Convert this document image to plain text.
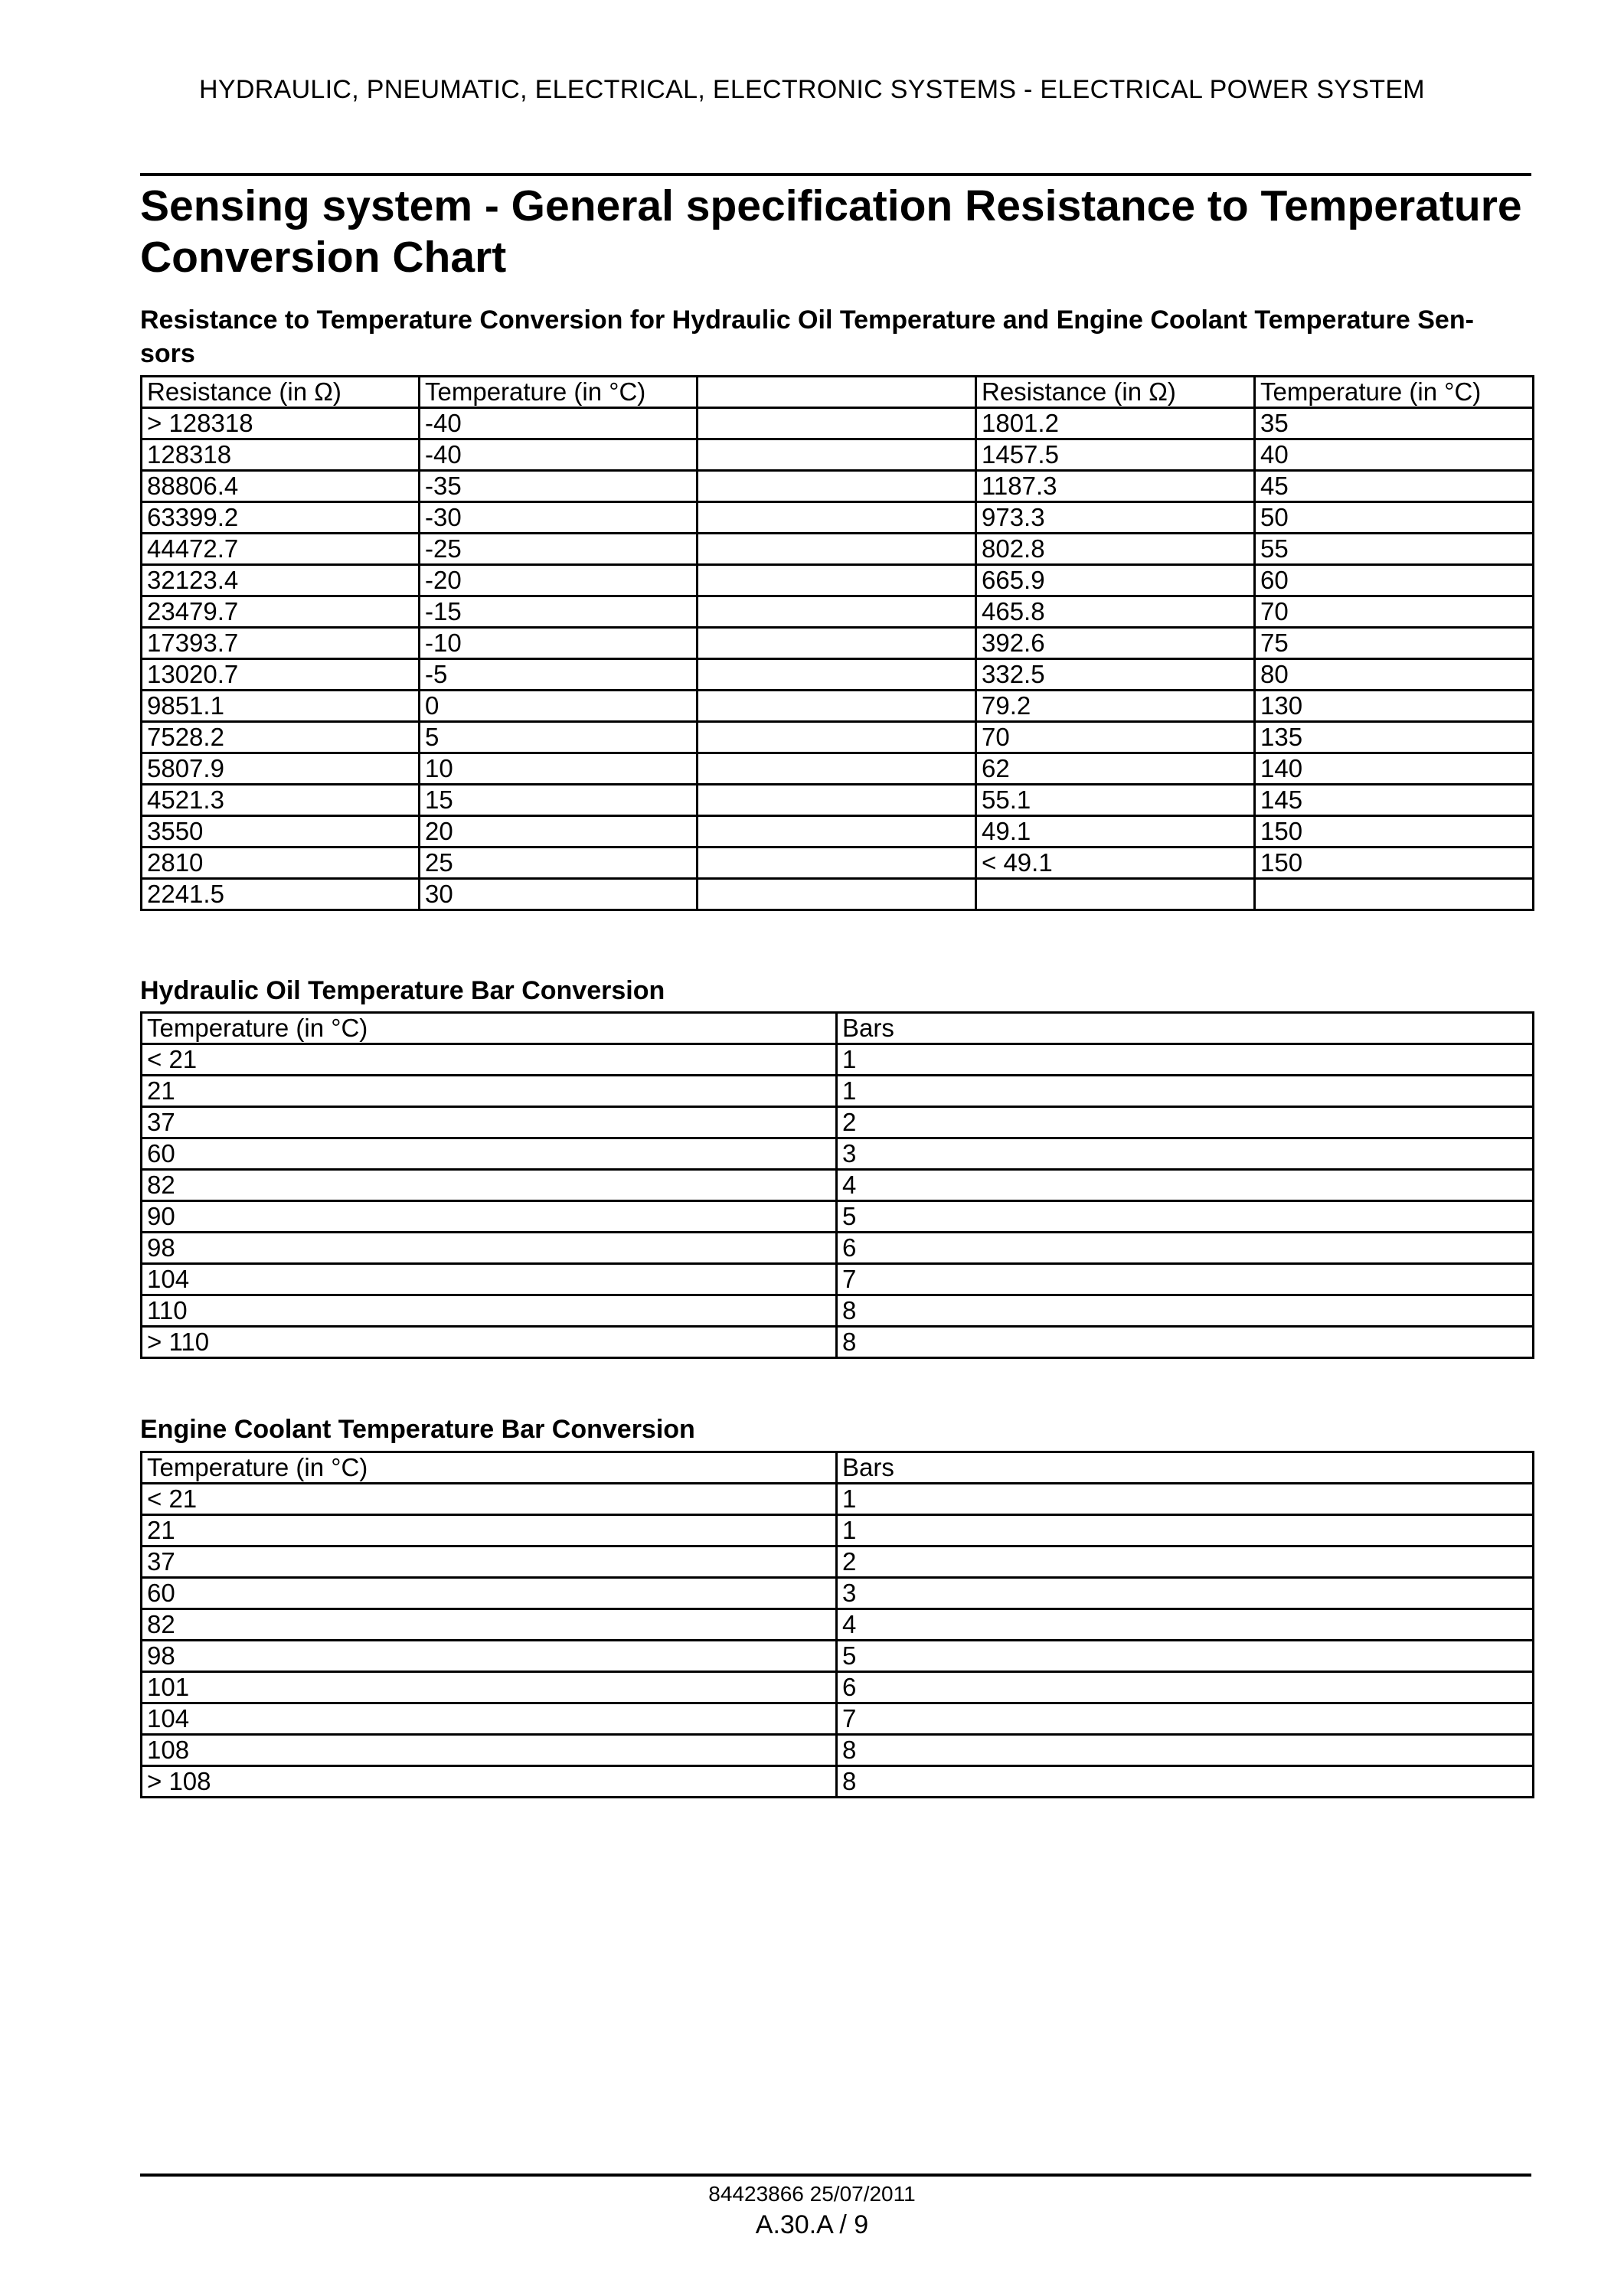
HYDRAULIC, PNEUMATIC, ELECTRICAL, ELECTRONIC SYSTEMS - ELECTRICAL POWER SYSTEM
Sensing system - General specification Resistance to Temperature
Conversion Chart
Resistance to Temperature Conversion for Hydraulic Oil Temperature and Engine Coolant Temperature Sen-
sors
Resistance (in Ω)	Temperature (in °C)		Resistance (in Ω)	Temperature (in °C)
> 128318	-40		1801.2	35
128318	-40		1457.5	40
88806.4	-35		1187.3	45
63399.2	-30		973.3	50
44472.7	-25		802.8	55
32123.4	-20		665.9	60
23479.7	-15		465.8	70
17393.7	-10		392.6	75
13020.7	-5		332.5	80
9851.1	0		79.2	130
7528.2	5		70	135
5807.9	10		62	140
4521.3	15		55.1	145
3550	20		49.1	150
2810	25		< 49.1	150
2241.5	30			
Hydraulic Oil Temperature Bar Conversion
Temperature (in °C)	Bars
< 21	1
21	1
37	2
60	3
82	4
90	5
98	6
104	7
110	8
> 110	8
Engine Coolant Temperature Bar Conversion
Temperature (in °C)	Bars
< 21	1
21	1
37	2
60	3
82	4
98	5
101	6
104	7
108	8
> 108	8
84423866 25/07/2011
A.30.A / 9
